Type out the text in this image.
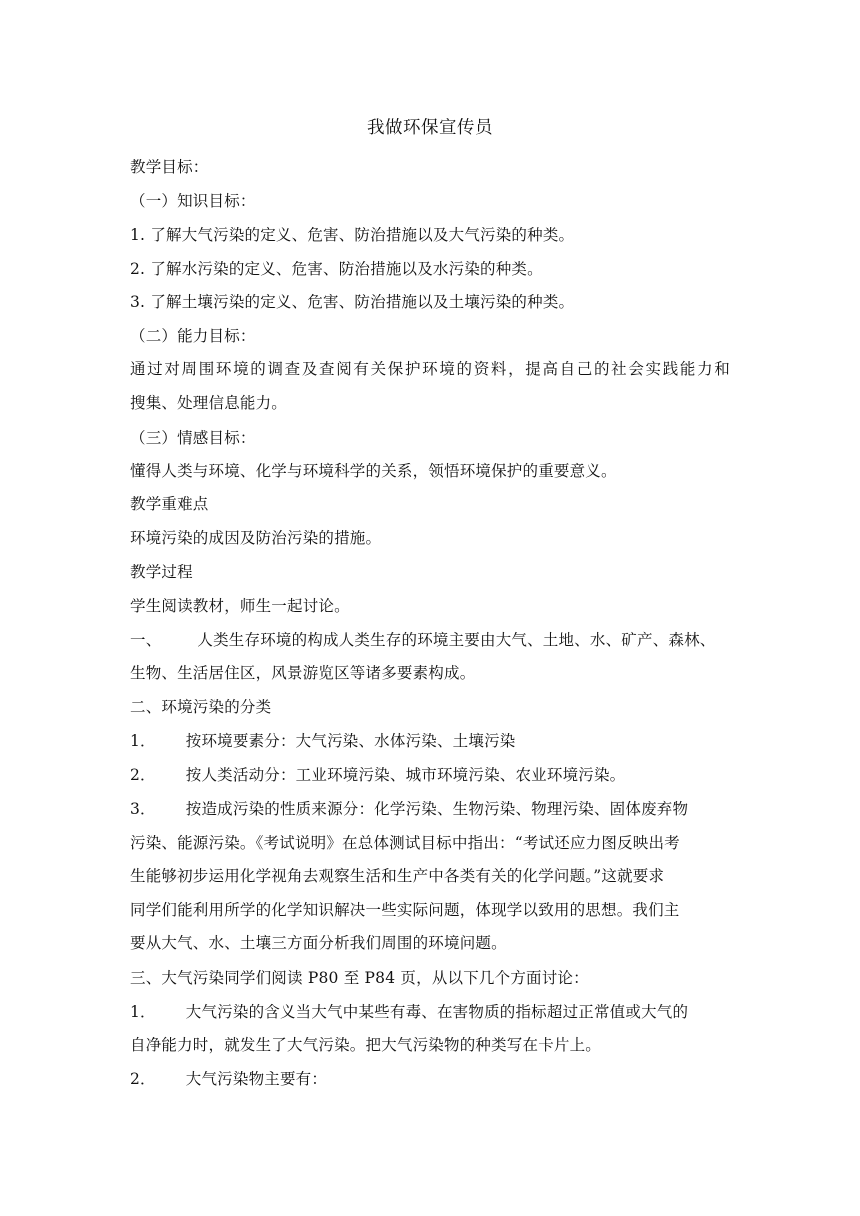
我做环保宣传员
教学目标：
（一）知识目标：
1. 了解大气污染的定义、危害、防治措施以及大气污染的种类。
2. 了解水污染的定义、危害、防治措施以及水污染的种类。
3. 了解土壤污染的定义、危害、防治措施以及土壤污染的种类。
（二）能力目标：
通过对周围环境的调查及查阅有关保护环境的资料，提高自己的社会实践能力和
搜集、处理信息能力。
（三）情感目标：
懂得人类与环境、化学与环境科学的关系，领悟环境保护的重要意义。
教学重难点
环境污染的成因及防治污染的措施。
教学过程
学生阅读教材，师生一起讨论。
一、 人类生存环境的构成人类生存的环境主要由大气、土地、水、矿产、森林、
生物、生活居住区，风景游览区等诸多要素构成。
二、环境污染的分类
1． 按环境要素分：大气污染、水体污染、土壤污染
2． 按人类活动分：工业环境污染、城市环境污染、农业环境污染。
3． 按造成污染的性质来源分：化学污染、生物污染、物理污染、固体废弃物
污染、能源污染。《考试说明》在总体测试目标中指出：“考试还应力图反映出考
生能够初步运用化学视角去观察生活和生产中各类有关的化学问题。”这就要求
同学们能利用所学的化学知识解决一些实际问题，体现学以致用的思想。我们主
要从大气、水、土壤三方面分析我们周围的环境问题。
三、大气污染同学们阅读 P80 至 P84 页，从以下几个方面讨论：
1． 大气污染的含义当大气中某些有毒、在害物质的指标超过正常值或大气的
自净能力时，就发生了大气污染。把大气污染物的种类写在卡片上。
2． 大气污染物主要有：
